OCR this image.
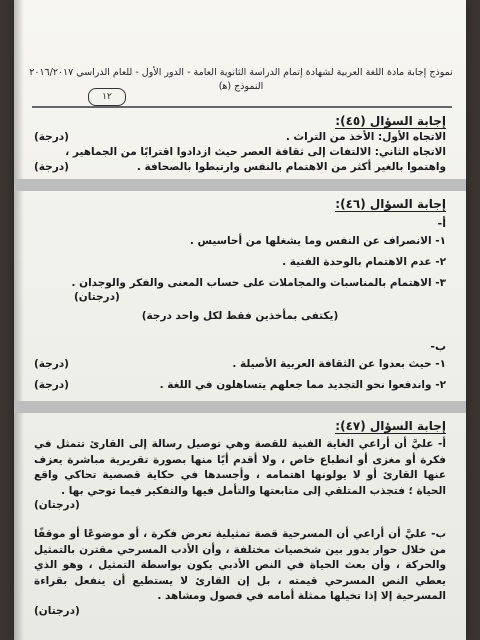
نموذج إجابة مادة اللغة العربية لشهادة إتمام الدراسة الثانوية العامة - الدور الأول - للعام الدراسي ٢٠١٦/٢٠١٧
النموذج (ﻫ)
١٢
إجابة السؤال (٤٥):
الاتجاه الأول: الأخذ من التراث .
(درجة)
الاتجاه الثاني: الالتفات إلى ثقافة العصر حيث ازدادوا اقترابًا من الجماهير ،
واهتموا بالغير أكثر من الاهتمام بالنفس وارتبطوا بالصحافة .
(درجة)
إجابة السؤال (٤٦):
أ-
١- الانصراف عن النفس وما يشغلها من أحاسيس .
٢- عدم الاهتمام بالوحدة الفنية .
٣- الاهتمام بالمناسبات والمجاملات على حساب المعنى والفكر والوجدان .
(درجتان)
(يكتفى بمأخذين فقط لكل واحد درجة)
ب-
١- حيث بعدوا عن الثقافة العربية الأصيلة .
(درجة)
٢- واندفعوا نحو التجديد مما جعلهم يتساهلون في اللغة .
(درجة)
إجابة السؤال (٤٧):
أ- عليَّ أن أراعي الغاية الفنية للقصة وهي توصيل رسالة إلى القارئ تتمثل في فكرة أو مغزى أو انطباع خاص ، ولا أقدم أيًا منها بصورة تقريرية مباشرة يعزف عنها القارئ أو لا يولونها اهتمامه ، وأجسدها في حكاية قصصية تحاكي واقع الحياة ؛ فتجذب المتلقي إلى متابعتها والتأمل فيها والتفكير فيما توحي بها .
(درجتان)
ب- عليَّ أن أراعي أن المسرحية قصة تمثيلية تعرض فكرة ، أو موضوعًا أو موقفًا من خلال حوار يدور بين شخصيات مختلفة ، وأن الأدب المسرحي مقترن بالتمثيل والحركة ، وأن بعث الحياة في النص الأدبي يكون بواسطة التمثيل ، وهو الذي يعطي النص المسرحي قيمته ، بل إن القارئ لا يستطيع أن ينفعل بقراءة المسرحية إلا إذا تخيلها ممثلة أمامه في فصول ومشاهد .
(درجتان)
